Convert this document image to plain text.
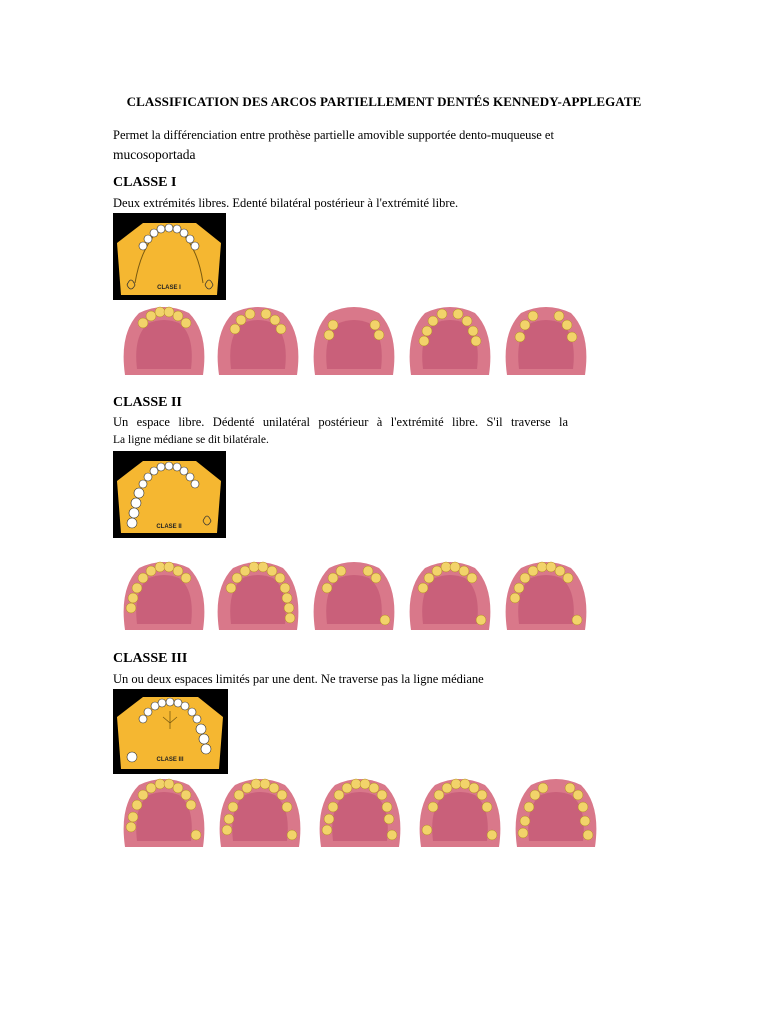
CLASSIFICATION DES ARCOS PARTIELLEMENT DENTÉS KENNEDY-APPLEGATE
Permet la différenciation entre prothèse partielle amovible supportée dento-muqueuse et
mucosoportada
CLASSE I
Deux extrémités libres. Edenté bilatéral postérieur à l'extrémité libre.
CLASE I
CLASSE II
Un espace libre. Dédenté unilatéral postérieur à l'extrémité libre. S'il traverse la
La ligne médiane se dit bilatérale.
CLASE II
CLASSE III
Un ou deux espaces limités par une dent. Ne traverse pas la ligne médiane
CLASE III
